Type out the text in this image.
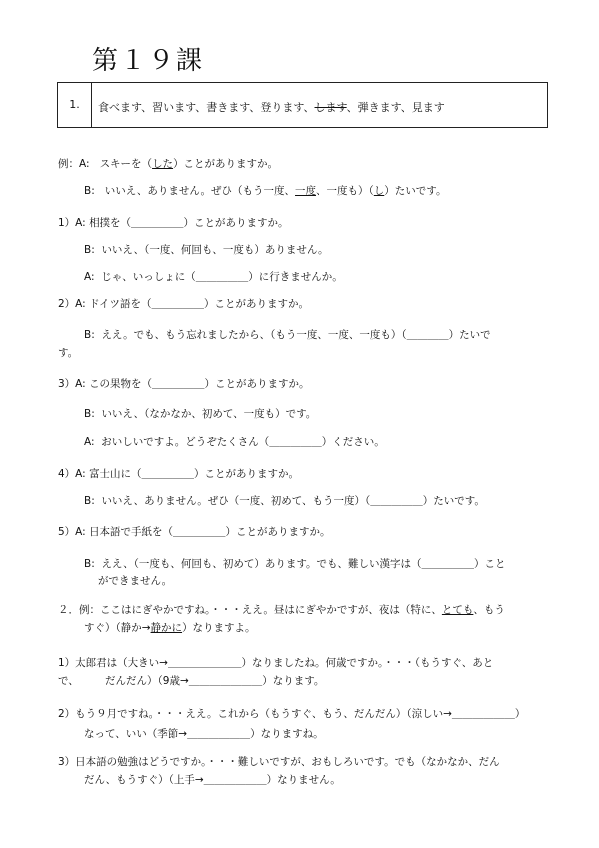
第１９課
1.	食べます、習います、書きます、登ります、します、弾きます、見ます
例：A: スキーを（した）ことがありますか。
B: いいえ、ありません。ぜひ（もう一度、一度、一度も）（し）たいです。
1）A: 相撲を（＿＿＿＿＿）ことがありますか。
B: いいえ、（一度、何回も、一度も）ありません。
A: じゃ、いっしょに（＿＿＿＿＿）に行きませんか。
2）A: ドイツ語を（＿＿＿＿＿）ことがありますか。
B: ええ。でも、もう忘れましたから、（もう一度、一度、一度も）（＿＿＿＿）たいで
す。
3）A: この果物を（＿＿＿＿＿）ことがありますか。
B: いいえ、（なかなか、初めて、一度も）です。
A: おいしいですよ。どうぞたくさん（＿＿＿＿＿）ください。
4）A: 富士山に（＿＿＿＿＿）ことがありますか。
B: いいえ、ありません。ぜひ（一度、初めて、もう一度）（＿＿＿＿＿）たいです。
5）A: 日本語で手紙を（＿＿＿＿＿）ことがありますか。
B: ええ、（一度も、何回も、初めて）あります。でも、難しい漢字は（＿＿＿＿＿）こと
ができません。
２．例：ここはにぎやかですね。・・・ええ。昼はにぎやかですが、夜は（特に、とても、もう
すぐ）（静か→静かに）なりますよ。
1）太郎君は（大きい→＿＿＿＿＿＿＿）なりましたね。何歳ですか。・・・（もうすぐ、あと
で、　　　だんだん）（9歳→＿＿＿＿＿＿＿）なります。
2）もう９月ですね。・・・ええ。これから（もうすぐ、もう、だんだん）（涼しい→＿＿＿＿＿＿）
なって、いい（季節→＿＿＿＿＿＿）なりますね。
3）日本語の勉強はどうですか。・・・難しいですが、おもしろいです。でも（なかなか、だん
だん、もうすぐ）（上手→＿＿＿＿＿＿）なりません。
